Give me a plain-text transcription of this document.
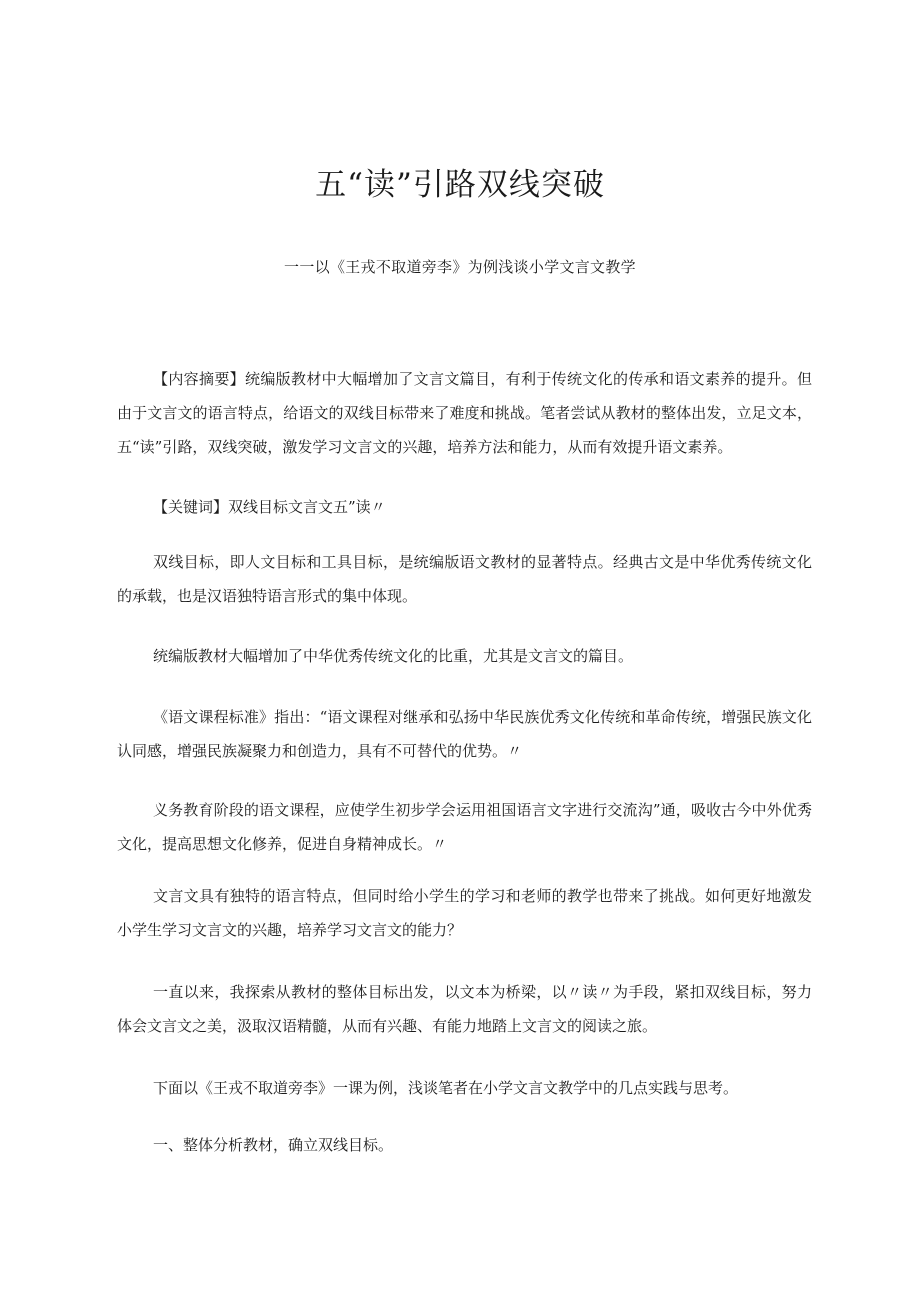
五“读”引路双线突破
一一以《王戎不取道旁李》为例浅谈小学文言文教学

【内容摘要】统编版教材中大幅增加了文言文篇目，有利于传统文化的传承和语文素养的提升。但由于文言文的语言特点，给语文的双线目标带来了难度和挑战。笔者尝试从教材的整体出发，立足文本，五“读”引路，双线突破，激发学习文言文的兴趣，培养方法和能力，从而有效提升语文素养。

【关键词】双线目标文言文五”读〃

双线目标，即人文目标和工具目标，是统编版语文教材的显著特点。经典古文是中华优秀传统文化的承载，也是汉语独特语言形式的集中体现。

统编版教材大幅增加了中华优秀传统文化的比重，尤其是文言文的篇目。

《语文课程标准》指出：“语文课程对继承和弘扬中华民族优秀文化传统和革命传统，增强民族文化认同感，增强民族凝聚力和创造力，具有不可替代的优势。〃

义务教育阶段的语文课程，应使学生初步学会运用祖国语言文字进行交流沟”通，吸收古今中外优秀文化，提高思想文化修养，促进自身精神成长。〃

文言文具有独特的语言特点，但同时给小学生的学习和老师的教学也带来了挑战。如何更好地激发小学生学习文言文的兴趣，培养学习文言文的能力？

一直以来，我探索从教材的整体目标出发，以文本为桥梁，以〃读〃为手段，紧扣双线目标，努力体会文言文之美，汲取汉语精髓，从而有兴趣、有能力地踏上文言文的阅读之旅。

下面以《王戎不取道旁李》一课为例，浅谈笔者在小学文言文教学中的几点实践与思考。

一、整体分析教材，确立双线目标。
